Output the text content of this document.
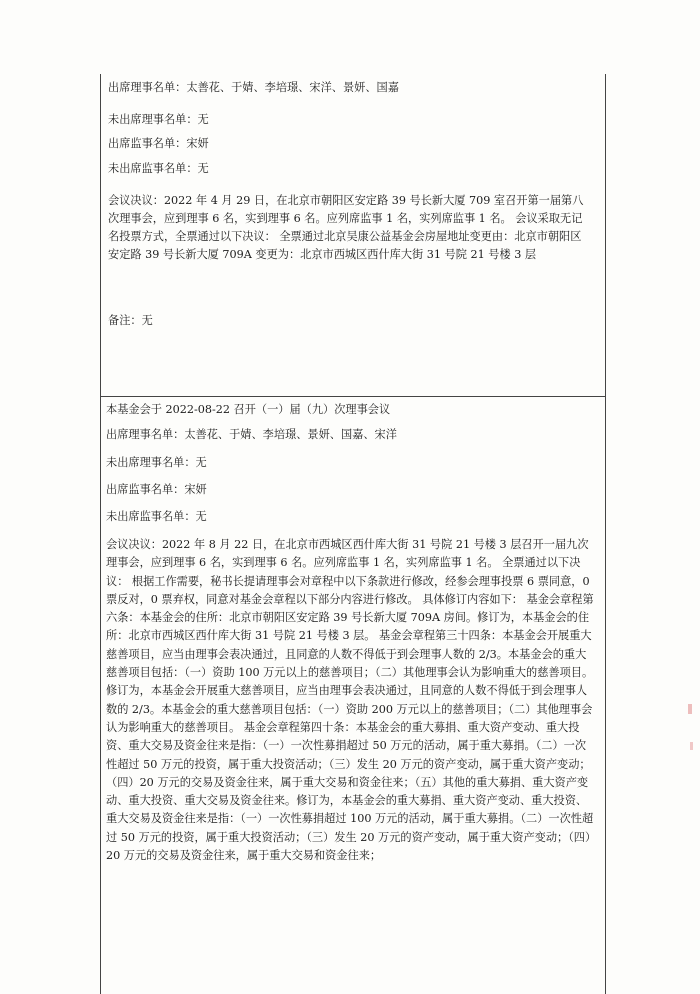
出席理事名单：太善花、于婧、李培璟、宋洋、景妍、国嘉

未出席理事名单：无

出席监事名单：宋妍

未出席监事名单：无

会议决议：2022 年 4 月 29 日，在北京市朝阳区安定路 39 号长新大厦 709 室召开第一届第八次理事会，应到理事 6 名，实到理事 6 名。应列席监事 1 名，实列席监事 1 名。 会议采取无记名投票方式，全票通过以下决议： 全票通过北京吴康公益基金会房屋地址变更由：北京市朝阳区安定路 39 号长新大厦 709A 变更为：北京市西城区西什库大街 31 号院 21 号楼 3 层

备注：无

本基金会于 2022-08-22 召开（一）届（九）次理事会议

出席理事名单：太善花、于婧、李培璟、景妍、国嘉、宋洋

未出席理事名单：无

出席监事名单：宋妍

未出席监事名单：无

会议决议：2022 年 8 月 22 日，在北京市西城区西什库大街 31 号院 21 号楼 3 层召开一届九次理事会，应到理事 6 名，实到理事 6 名。应列席监事 1 名，实列席监事 1 名。 全票通过以下决议： 根据工作需要，秘书长提请理事会对章程中以下条款进行修改，经参会理事投票 6 票同意，0 票反对，0 票弃权，同意对基金会章程以下部分内容进行修改。 具体修订内容如下： 基金会章程第六条：本基金会的住所：北京市朝阳区安定路 39 号长新大厦 709A 房间。修订为，本基金会的住所：北京市西城区西什库大街 31 号院 21 号楼 3 层。 基金会章程第三十四条：本基金会开展重大慈善项目，应当由理事会表决通过，且同意的人数不得低于到会理事人数的 2/3。本基金会的重大慈善项目包括：（一）资助 100 万元以上的慈善项目；（二）其他理事会认为影响重大的慈善项目。 修订为，本基金会开展重大慈善项目，应当由理事会表决通过，且同意的人数不得低于到会理事人数的 2/3。本基金会的重大慈善项目包括：（一）资助 200 万元以上的慈善项目；（二）其他理事会认为影响重大的慈善项目。 基金会章程第四十条：本基金会的重大募捐、重大资产变动、重大投资、重大交易及资金往来是指：（一）一次性募捐超过 50 万元的活动，属于重大募捐。（二）一次性超过 50 万元的投资，属于重大投资活动；（三）发生 20 万元的资产变动，属于重大资产变动；（四）20 万元的交易及资金往来，属于重大交易和资金往来；（五）其他的重大募捐、重大资产变动、重大投资、重大交易及资金往来。修订为，本基金会的重大募捐、重大资产变动、重大投资、重大交易及资金往来是指：（一）一次性募捐超过 100 万元的活动，属于重大募捐。（二）一次性超过 50 万元的投资，属于重大投资活动；（三）发生 20 万元的资产变动，属于重大资产变动；（四）20 万元的交易及资金往来，属于重大交易和资金往来；
